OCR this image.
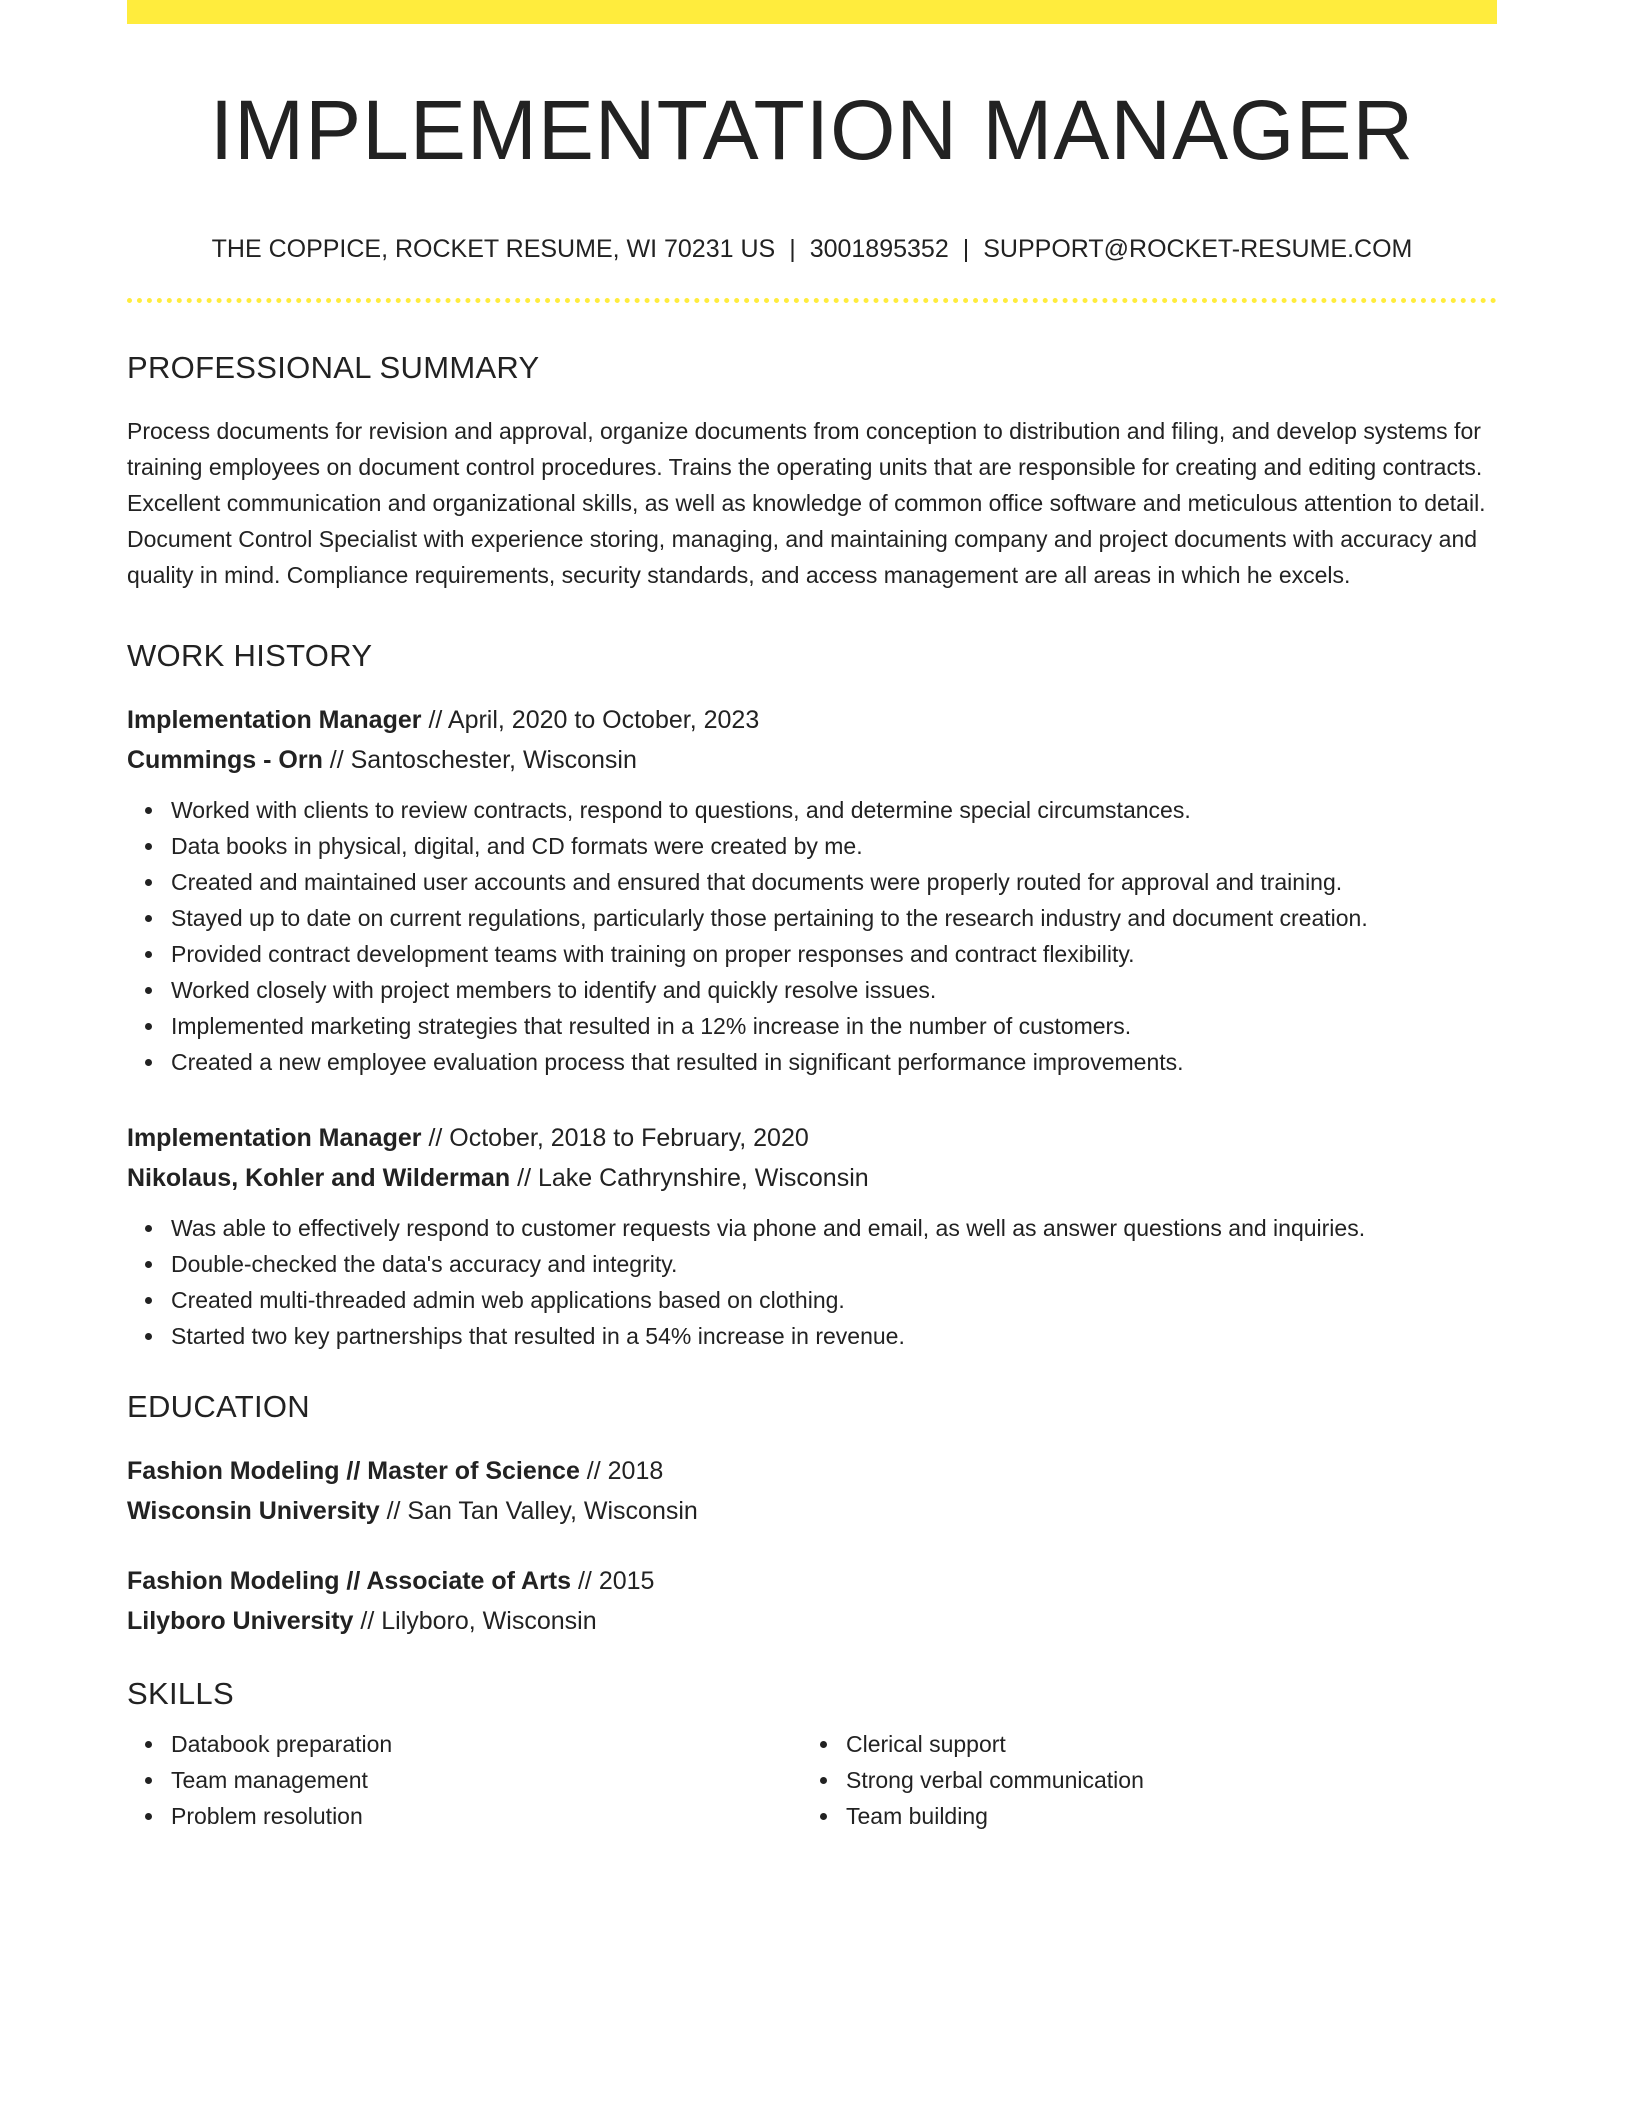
IMPLEMENTATION MANAGER
THE COPPICE, ROCKET RESUME, WI 70231 US | 3001895352 | SUPPORT@ROCKET-RESUME.COM
PROFESSIONAL SUMMARY

Process documents for revision and approval, organize documents from conception to distribution and filing, and develop systems for training employees on document control procedures. Trains the operating units that are responsible for creating and editing contracts. Excellent communication and organizational skills, as well as knowledge of common office software and meticulous attention to detail. Document Control Specialist with experience storing, managing, and maintaining company and project documents with accuracy and quality in mind. Compliance requirements, security standards, and access management are all areas in which he excels.

WORK HISTORY
Implementation Manager // April, 2020 to October, 2023
Cummings - Orn // Santoschester, Wisconsin
Worked with clients to review contracts, respond to questions, and determine special circumstances.
Data books in physical, digital, and CD formats were created by me.
Created and maintained user accounts and ensured that documents were properly routed for approval and training.
Stayed up to date on current regulations, particularly those pertaining to the research industry and document creation.
Provided contract development teams with training on proper responses and contract flexibility.
Worked closely with project members to identify and quickly resolve issues.
Implemented marketing strategies that resulted in a 12% increase in the number of customers.
Created a new employee evaluation process that resulted in significant performance improvements.
Implementation Manager // October, 2018 to February, 2020
Nikolaus, Kohler and Wilderman // Lake Cathrynshire, Wisconsin
Was able to effectively respond to customer requests via phone and email, as well as answer questions and inquiries.
Double-checked the data's accuracy and integrity.
Created multi-threaded admin web applications based on clothing.
Started two key partnerships that resulted in a 54% increase in revenue.
EDUCATION
Fashion Modeling // Master of Science // 2018
Wisconsin University // San Tan Valley, Wisconsin
Fashion Modeling // Associate of Arts // 2015
Lilyboro University // Lilyboro, Wisconsin
SKILLS
Databook preparation
Team management
Problem resolution
Clerical support
Strong verbal communication
Team building
